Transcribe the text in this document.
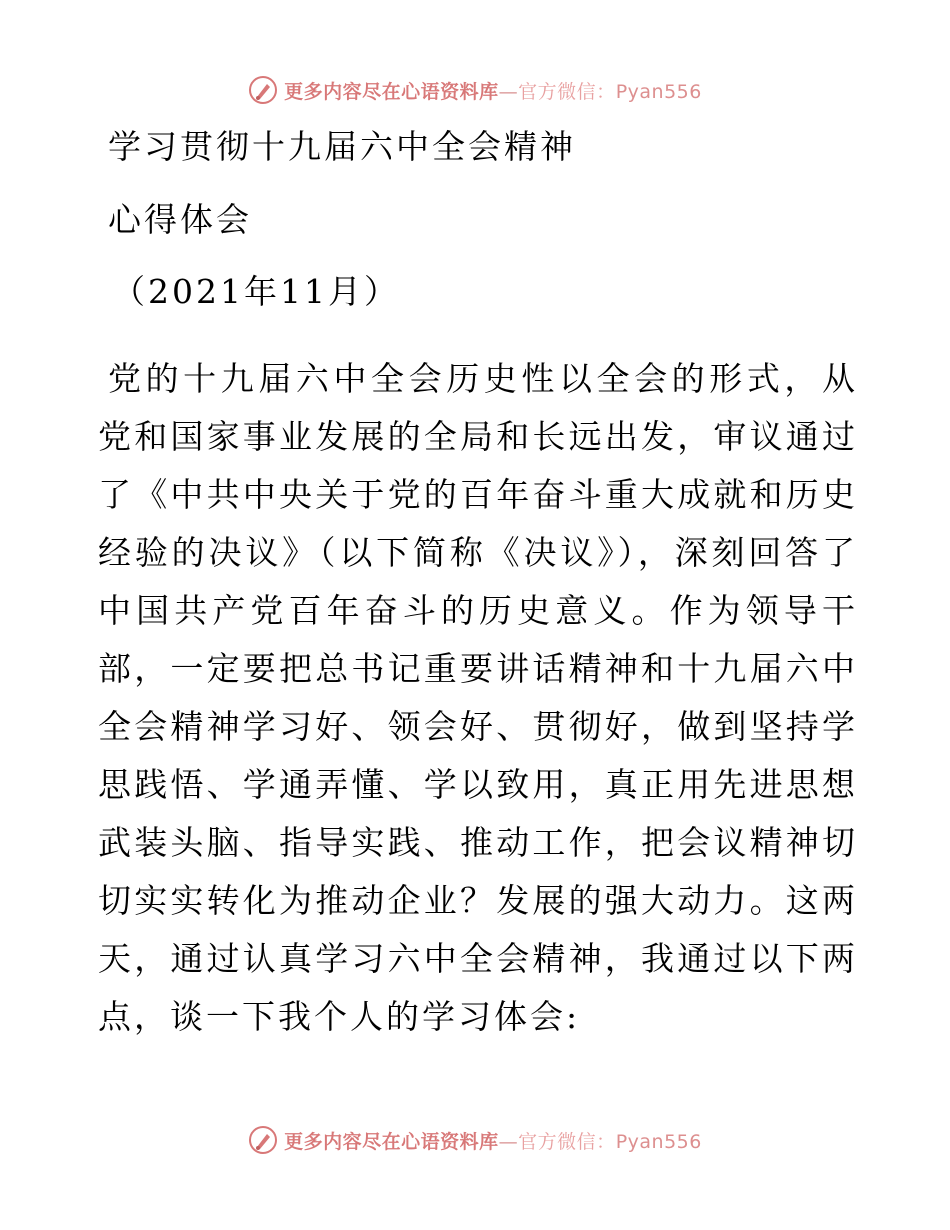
更多内容尽在心语资料库—官方微信：Pyan556
学习贯彻十九届六中全会精神
心得体会
（2021年11月）
党的十九届六中全会历史性以全会的形式，从党和国家事业发展的全局和长远出发，审议通过了《中共中央关于党的百年奋斗重大成就和历史经验的决议》（以下简称《决议》），深刻回答了中国共产党百年奋斗的历史意义。作为领导干部，一定要把总书记重要讲话精神和十九届六中全会精神学习好、领会好、贯彻好，做到坚持学思践悟、学通弄懂、学以致用，真正用先进思想武装头脑、指导实践、推动工作，把会议精神切切实实转化为推动企业？发展的强大动力。这两天，通过认真学习六中全会精神，我通过以下两点，谈一下我个人的学习体会:
更多内容尽在心语资料库—官方微信：Pyan556
